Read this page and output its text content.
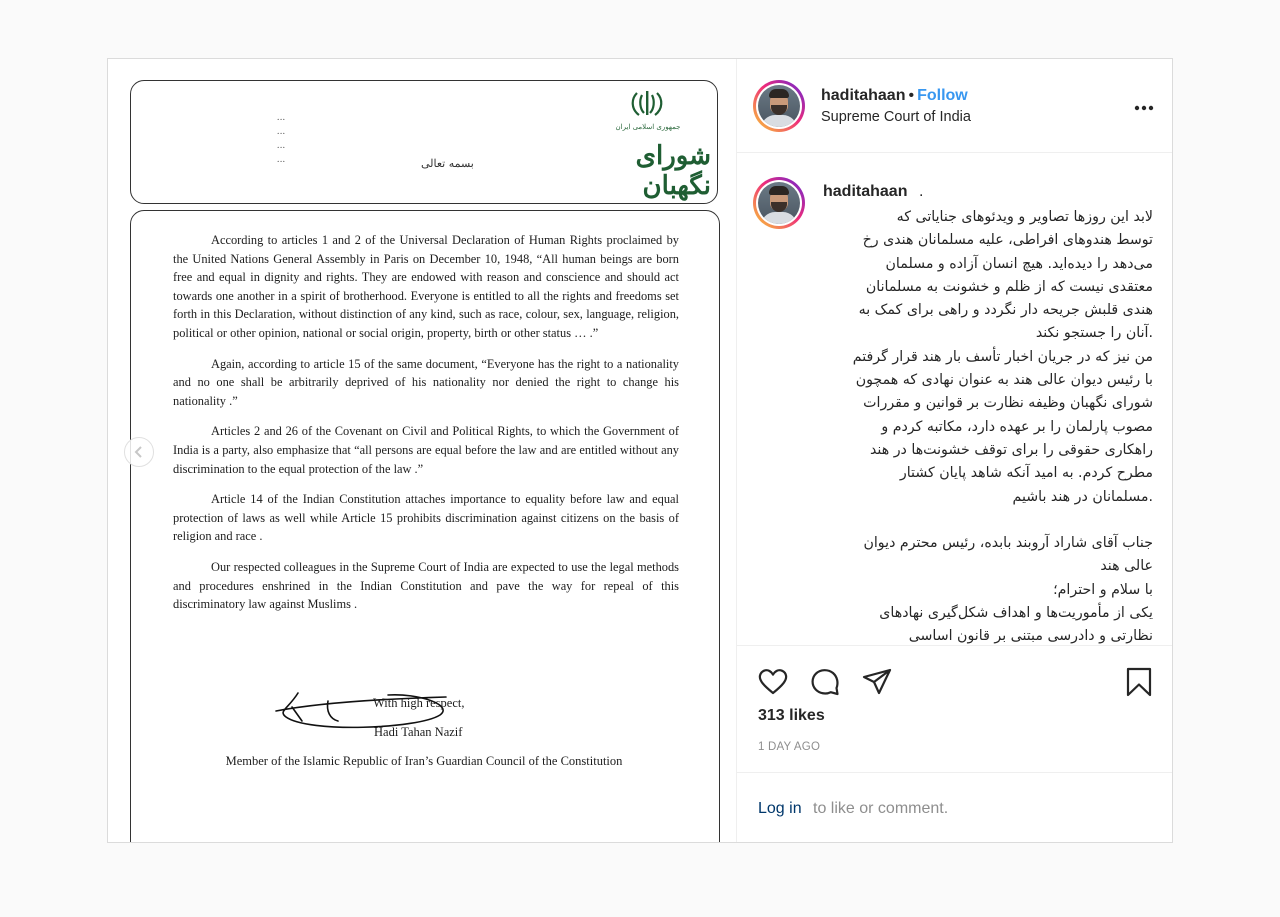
جمهوری اسلامی ایران
شورای نگهبان
بسمه تعالی
...
...
...
...

According to articles 1 and 2 of the Universal Declaration of Human Rights proclaimed by the United Nations General Assembly in Paris on December 10, 1948, “All human beings are born free and equal in dignity and rights. They are endowed with reason and conscience and should act towards one another in a spirit of brotherhood. Everyone is entitled to all the rights and freedoms set forth in this Declaration, without distinction of any kind, such as race, colour, sex, language, religion, political or other opinion, national or social origin, property, birth or other status … .”

Again, according to article 15 of the same document, “Everyone has the right to a nationality and no one shall be arbitrarily deprived of his nationality nor denied the right to change his nationality .”

Articles 2 and 26 of the Covenant on Civil and Political Rights, to which the Government of India is a party, also emphasize that “all persons are equal before the law and are entitled without any discrimination to the equal protection of the law .”

Article 14 of the Indian Constitution attaches importance to equality before law and equal protection of laws as well while Article 15 prohibits discrimination against citizens on the basis of religion and race .

Our respected colleagues in the Supreme Court of India are expected to use the legal methods and procedures enshrined in the Indian Constitution and pave the way for repeal of this discriminatory law against Muslims .

With high respect,
Hadi Tahan Nazif
Member of the Islamic Republic of Iran’s Guardian Council of the Constitution
haditahaan • Follow
Supreme Court of India
haditahaan .
لابد این روزها تصاویر و ویدئوهای جنایاتی که
توسط هندوهای افراطی، علیه مسلمانان هندی رخ
می‌دهد را دیده‌اید. هیچ انسان آزاده و مسلمان
معتقدی نیست که از ظلم و خشونت به مسلمانان
هندی قلبش جریحه دار نگردد و راهی برای کمک به
.آنان را جستجو نکند
من نیز که در جریان اخبار تأسف بار هند قرار گرفتم
با رئیس دیوان عالی هند به عنوان نهادی که همچون
شورای نگهبان وظیفه نظارت بر قوانین و مقررات
مصوب پارلمان را بر عهده دارد، مکاتبه کردم و
راهکاری حقوقی را برای توقف خشونت‌ها در هند
مطرح کردم. به امید آنکه شاهد پایان کشتار
.مسلمانان در هند باشیم
جناب آقای شاراد آروبند بابده، رئیس محترم دیوان
عالی هند
با سلام و احترام؛
یکی از مأموریت‌ها و اهداف شکل‌گیری نهادهای
نظارتی و دادرسی مبتنی بر قانون اساسی
313 likes
1 DAY AGO
Log in to like or comment.
